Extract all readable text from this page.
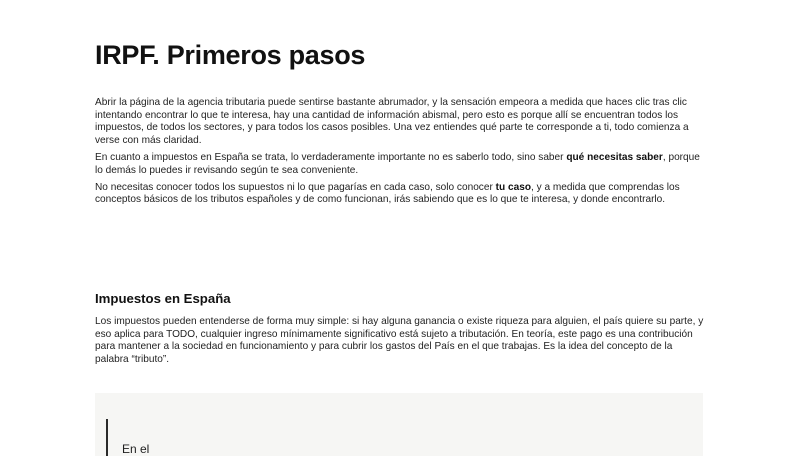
IRPF. Primeros pasos

Abrir la página de la agencia tributaria puede sentirse bastante abrumador, y la sensación empeora a medida que haces clic tras clic intentando encontrar lo que te interesa, hay una cantidad de información abismal, pero esto es porque allí se encuentran todos los impuestos, de todos los sectores, y para todos los casos posibles. Una vez entiendes qué parte te corresponde a ti, todo comienza a verse con más claridad.

En cuanto a impuestos en España se trata, lo verdaderamente importante no es saberlo todo, sino saber qué necesitas saber, porque lo demás lo puedes ir revisando según te sea conveniente.

No necesitas conocer todos los supuestos ni lo que pagarías en cada caso, solo conocer tu caso, y a medida que comprendas los conceptos básicos de los tributos españoles y de como funcionan, irás sabiendo que es lo que te interesa, y donde encontrarlo.

Impuestos en España

Los impuestos pueden entenderse de forma muy simple: si hay alguna ganancia o existe riqueza para alguien, el país quiere su parte, y eso aplica para TODO, cualquier ingreso mínimamente significativo está sujeto a tributación. En teoría, este pago es una contribución para mantener a la sociedad en funcionamiento y para cubrir los gastos del País en el que trabajas. Es la idea del concepto de la palabra “tributo”.

En el
